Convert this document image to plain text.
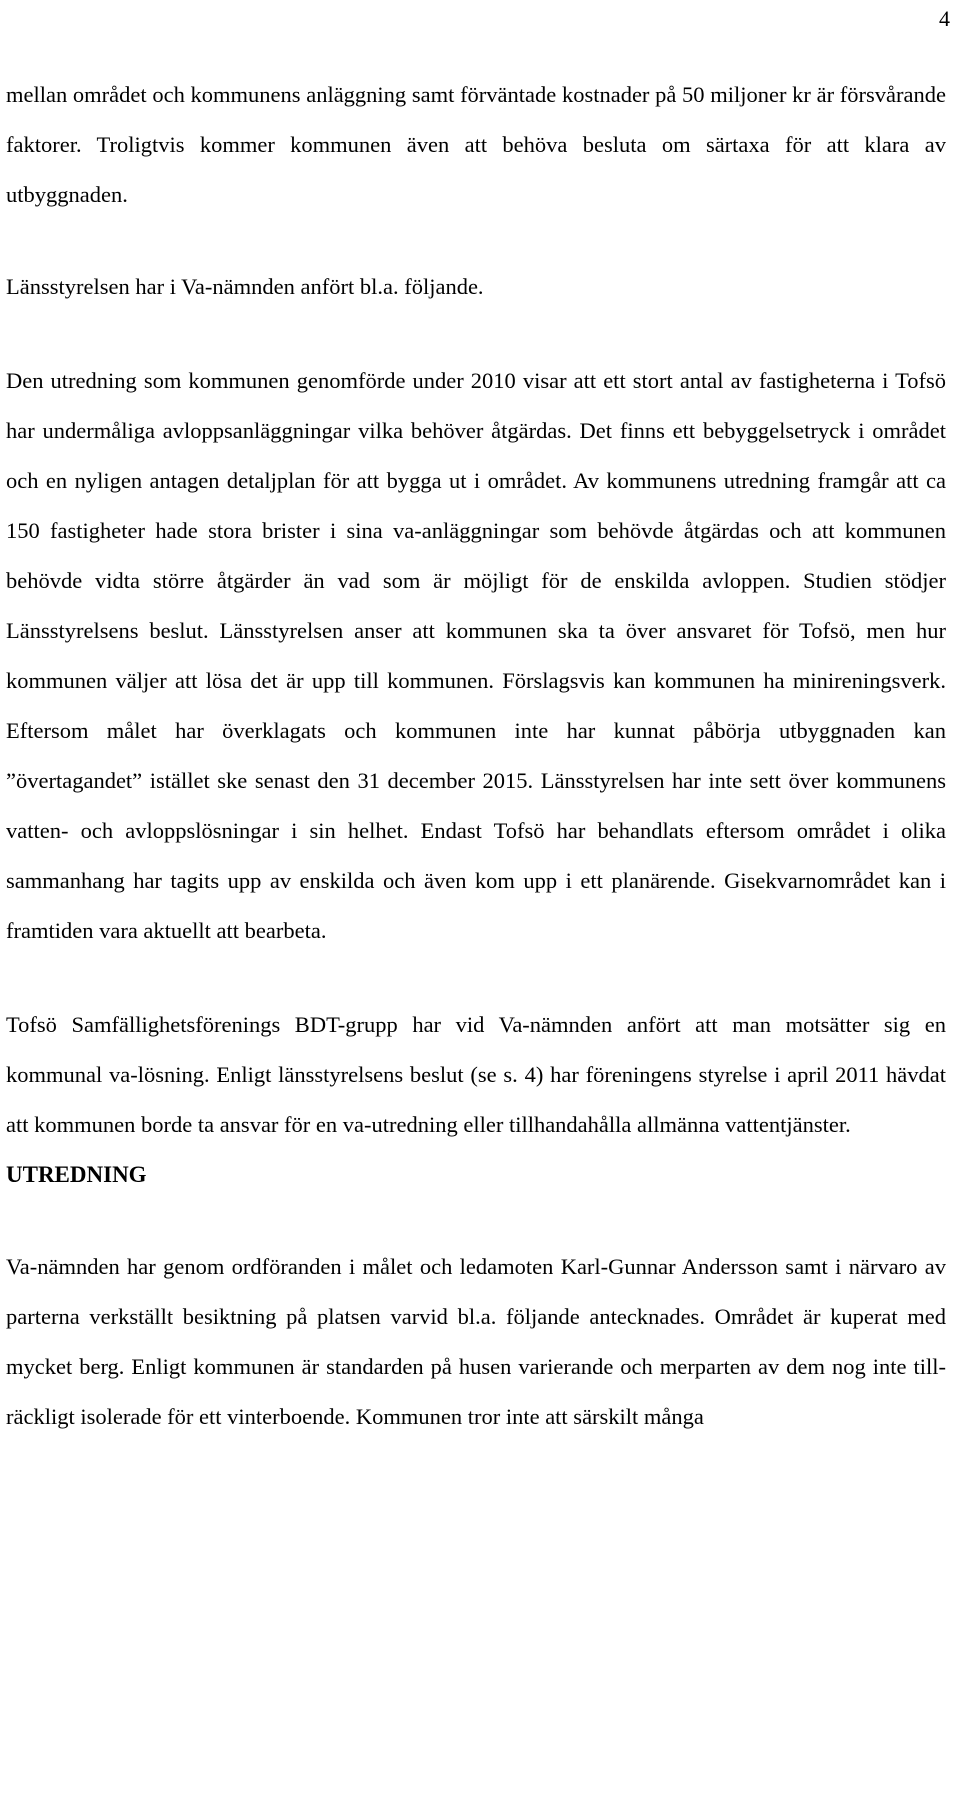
4

mellan området och kommunens anläggning samt förväntade kostnader på 50 miljoner kr är försvårande faktorer. Troligtvis kommer kommunen även att behöva besluta om särtaxa för att klara av utbyggnaden.

Länsstyrelsen har i Va-nämnden anfört bl.a. följande.

Den utredning som kommunen genomförde under 2010 visar att ett stort antal av fastigheterna i Tofsö har undermåliga avloppsanläggningar vilka behöver åtgärdas. Det finns ett bebyggelsetryck i området och en nyligen antagen detaljplan för att bygga ut i området. Av kommunens utredning framgår att ca 150 fastigheter hade stora brister i sina va-anläggningar som behövde åtgärdas och att kommunen behövde vidta större åtgärder än vad som är möjligt för de enskilda avloppen. Studien stödjer Länsstyrelsens beslut. Länsstyrelsen anser att kommunen ska ta över ansvaret för Tofsö, men hur kommunen väljer att lösa det är upp till kommunen. Förslagsvis kan kommunen ha minireningsverk. Eftersom målet har överklagats och kommunen inte har kunnat påbörja utbyggnaden kan ”övertagandet” istället ske senast den 31 december 2015. Länsstyrelsen har inte sett över kommunens vatten- och avloppslösningar i sin helhet. Endast Tofsö har behandlats eftersom området i olika sammanhang har tagits upp av enskilda och även kom upp i ett planärende. Gisekvarnområdet kan i framtiden vara aktuellt att bearbeta.

Tofsö Samfällighetsförenings BDT-grupp har vid Va-nämnden anfört att man motsätter sig en kommunal va-lösning. Enligt länsstyrelsens beslut (se s. 4) har föreningens styrelse i april 2011 hävdat att kommunen borde ta ansvar för en va-utredning eller tillhandahålla allmänna vattentjänster.

UTREDNING

Va-nämnden har genom ordföranden i målet och ledamoten Karl-Gunnar Andersson samt i närvaro av parterna verkställt besiktning på platsen varvid bl.a. följande antecknades. Området är kuperat med mycket berg. Enligt kommunen är standarden på husen varierande och merparten av dem nog inte tillräckligt isolerade för ett vinterboende. Kommunen tror inte att särskilt många
